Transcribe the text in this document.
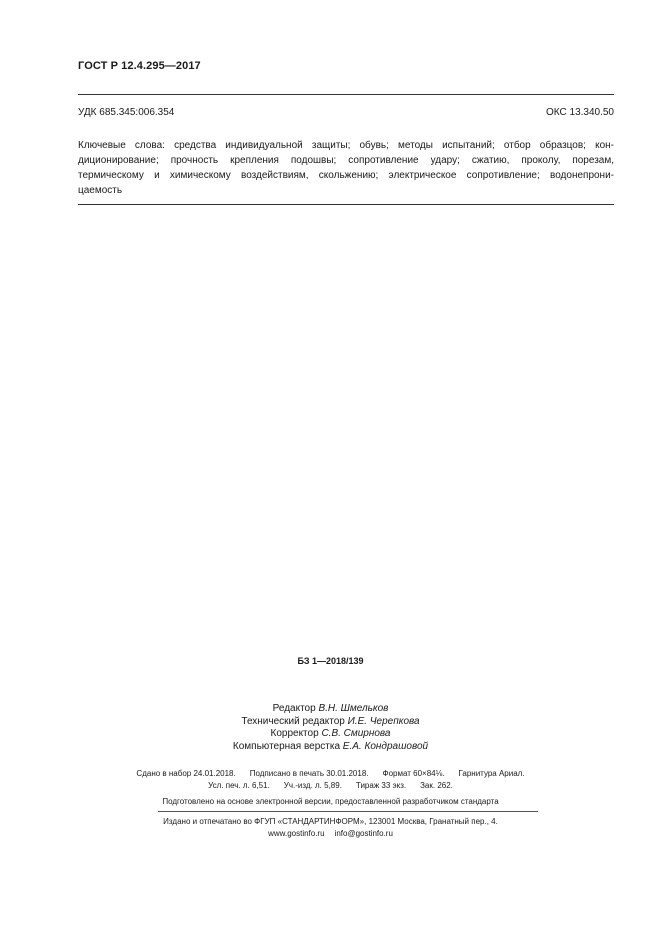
ГОСТ Р 12.4.295—2017
УДК 685.345:006.354	ОКС 13.340.50
Ключевые слова: средства индивидуальной защиты; обувь; методы испытаний; отбор образцов; кон-
диционирование; прочность крепления подошвы; сопротивление удару; сжатию, проколу, порезам,
термическому и химическому воздействиям, скольжению; электрическое сопротивление; водонепрони-
цаемость
БЗ 1—2018/139
Редактор В.Н. Шмельков
Технический редактор И.Е. Черепкова
Корректор С.В. Смирнова
Компьютерная верстка Е.А. Кондрашовой
Сдано в набор 24.01.2018. Подписано в печать 30.01.2018. Формат 60×84⅛. Гарнитура Ариал.
Усл. печ. л. 6,51. Уч.-изд. л. 5,89. Тираж 33 экз. Зак. 262.
Подготовлено на основе электронной версии, предоставленной разработчиком стандарта
Издано и отпечатано во ФГУП «СТАНДАРТИНФОРМ», 123001 Москва, Гранатный пер., 4.
www.gostinfo.ru info@gostinfo.ru
